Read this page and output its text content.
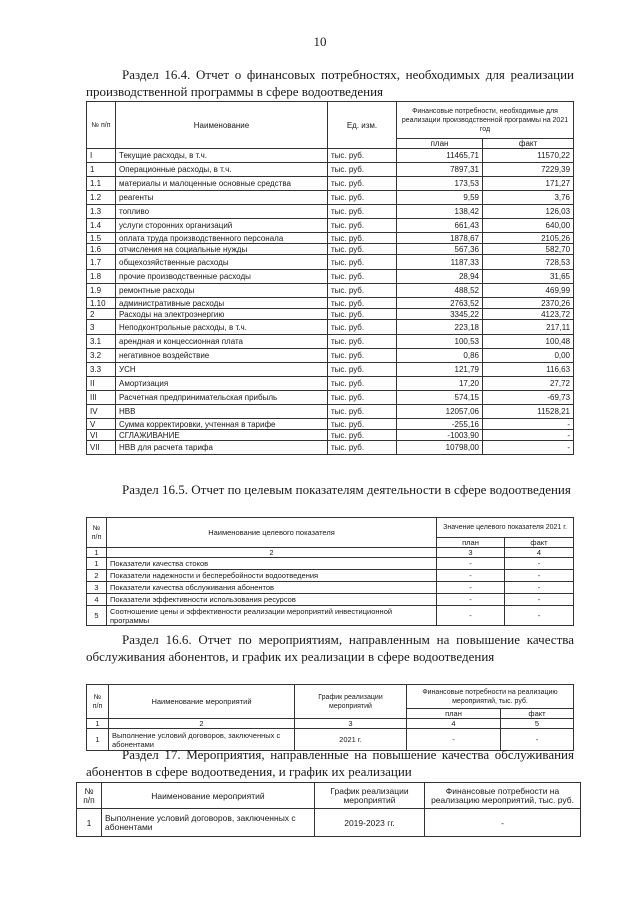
10
Раздел 16.4. Отчет о финансовых потребностях, необходимых для реализации производственной программы в сфере водоотведения
№ п/п	Наименование	Ед. изм.	Финансовые потребности, необходимые для реализации производственной программы на 2021 год	
			план	факт
I	Текущие расходы, в т.ч.	тыс. руб.	11465,71	11570,22
1	Операционные расходы, в т.ч.	тыс. руб.	7897,31	7229,39
1.1	материалы и малоценные основные средства	тыс. руб.	173,53	171,27
1.2	реагенты	тыс. руб.	9,59	3,76
1.3	топливо	тыс. руб.	138,42	126,03
1.4	услуги сторонних организаций	тыс. руб.	661,43	640,00
1.5	оплата труда производственного персонала	тыс. руб.	1878,67	2105,26
1.6	отчисления на социальные нужды	тыс. руб.	567,36	582,70
1.7	общехозяйственные расходы	тыс. руб.	1187,33	728,53
1.8	прочие производственные расходы	тыс. руб.	28,94	31,65
1.9	ремонтные расходы	тыс. руб.	488,52	469,99
1.10	административные расходы	тыс. руб.	2763,52	2370,26
2	Расходы на электроэнергию	тыс. руб.	3345,22	4123,72
3	Неподконтрольные расходы, в т.ч.	тыс. руб.	223,18	217,11
3.1	арендная и концессионная плата	тыс. руб.	100,53	100,48
3.2	негативное воздействие	тыс. руб.	0,86	0,00
3.3	УСН	тыс. руб.	121,79	116,63
II	Амортизация	тыс. руб.	17,20	27,72
III	Расчетная предпринимательская прибыль	тыс. руб.	574,15	-69,73
IV	НВВ	тыс. руб.	12057,06	11528,21
V	Сумма корректировки, учтенная в тарифе	тыс. руб.	-255,16	-
VI	СГЛАЖИВАНИЕ	тыс. руб.	-1003,90	-
VII	НВВ для расчета тарифа	тыс. руб.	10798,00	-
Раздел 16.5. Отчет по целевым показателям деятельности в сфере водоотведения
№ п/п	Наименование целевого показателя	Значение целевого показателя 2021 г.	
		план	факт
1	2	3	4
1	Показатели качества стоков	-	-
2	Показатели надежности и бесперебойности водоотведения	-	-
3	Показатели качества обслуживания абонентов	-	-
4	Показатели эффективности использования ресурсов	-	-
5	Соотношение цены и эффективности реализации мероприятий инвестиционной программы	-	-
Раздел 16.6. Отчет по мероприятиям, направленным на повышение качества обслуживания абонентов, и график их реализации в сфере водоотведения
№ п/п	Наименование мероприятий	График реализации мероприятий	Финансовые потребности на реализацию мероприятий, тыс. руб.	
			план	факт
1	2	3	4	5
1	Выполнение условий договоров, заключенных с абонентами	2021 г.	-	-
Раздел 17. Мероприятия, направленные на повышение качества обслуживания абонентов в сфере водоотведения, и график их реализации
№ п/п	Наименование мероприятий	График реализации мероприятий	Финансовые потребности на реализацию мероприятий, тыс. руб.
1	Выполнение условий договоров, заключенных с абонентами	2019-2023 гг.	-
